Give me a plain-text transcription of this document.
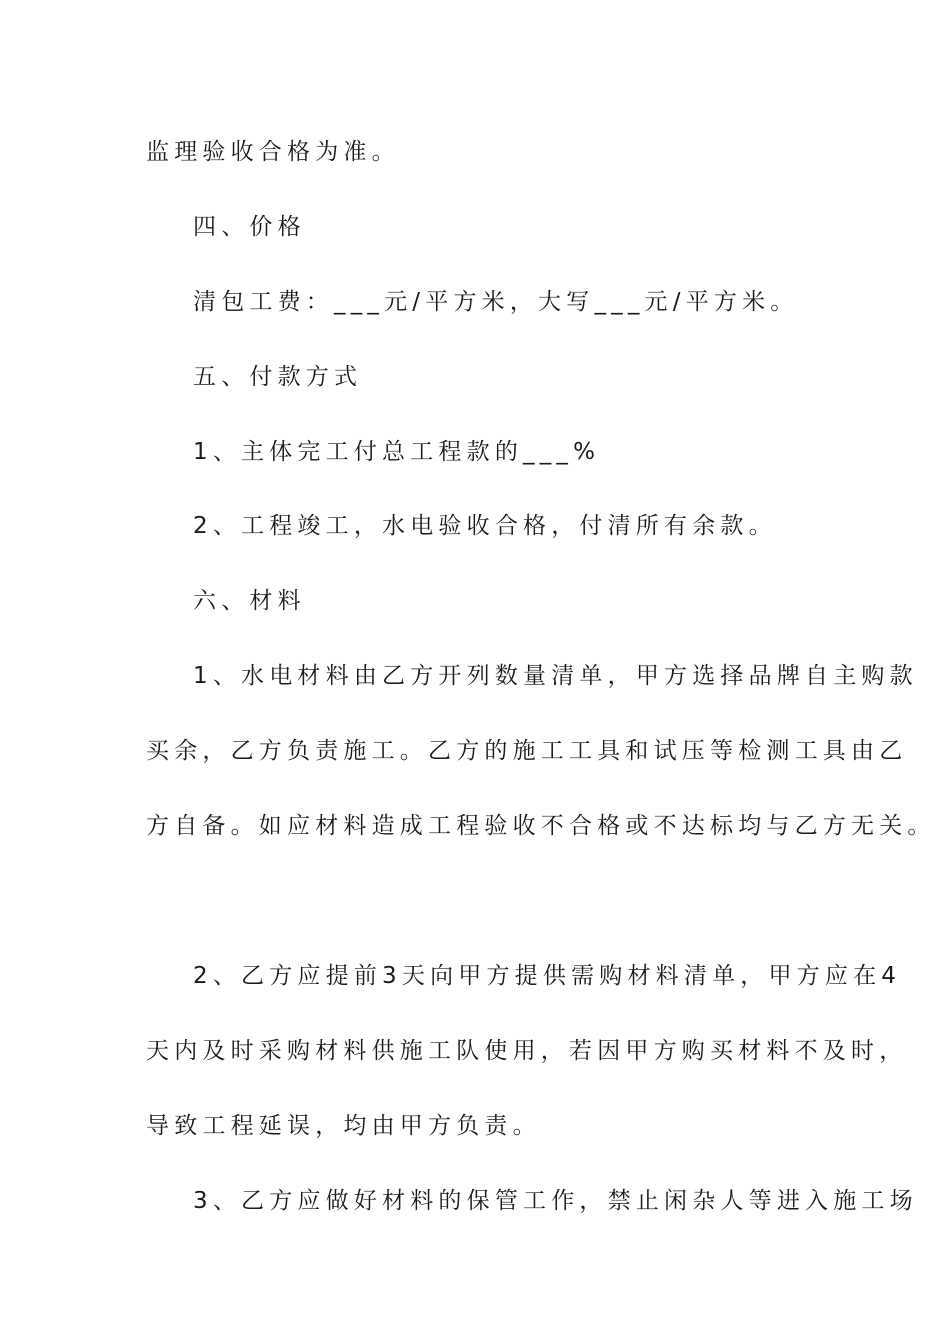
监理验收合格为准。
四、价格
清包工费：___元/平方米，大写___元/平方米。
五、付款方式
1、主体完工付总工程款的___%
2、工程竣工，水电验收合格，付清所有余款。
六、材料
1、水电材料由乙方开列数量清单，甲方选择品牌自主购款
买余，乙方负责施工。乙方的施工工具和试压等检测工具由乙
方自备。如应材料造成工程验收不合格或不达标均与乙方无关。
2、乙方应提前3天向甲方提供需购材料清单，甲方应在4
天内及时采购材料供施工队使用，若因甲方购买材料不及时，
导致工程延误，均由甲方负责。
3、乙方应做好材料的保管工作，禁止闲杂人等进入施工场
